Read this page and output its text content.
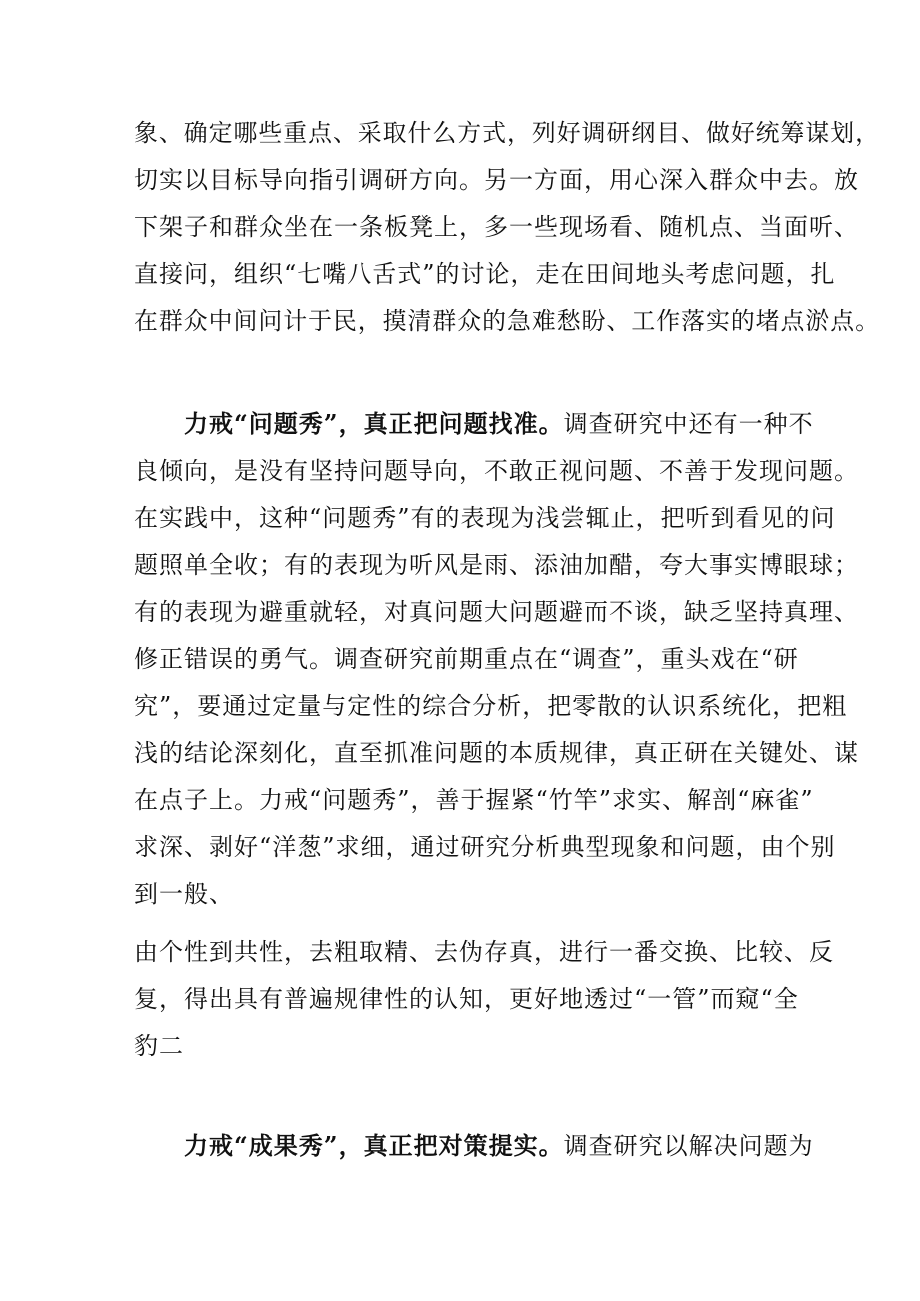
象、确定哪些重点、采取什么方式，列好调研纲目、做好统筹谋划，
切实以目标导向指引调研方向。另一方面，用心深入群众中去。放
下架子和群众坐在一条板凳上，多一些现场看、随机点、当面听、
直接问，组织“七嘴八舌式”的讨论，走在田间地头考虑问题，扎
在群众中间问计于民，摸清群众的急难愁盼、工作落实的堵点淤点。
力戒“问题秀”，真正把问题找准。调查研究中还有一种不
良倾向，是没有坚持问题导向，不敢正视问题、不善于发现问题。
在实践中，这种“问题秀”有的表现为浅尝辄止，把听到看见的问
题照单全收；有的表现为听风是雨、添油加醋，夸大事实博眼球；
有的表现为避重就轻，对真问题大问题避而不谈，缺乏坚持真理、
修正错误的勇气。调查研究前期重点在“调查”，重头戏在“研
究”，要通过定量与定性的综合分析，把零散的认识系统化，把粗
浅的结论深刻化，直至抓准问题的本质规律，真正研在关键处、谋
在点子上。力戒“问题秀”，善于握紧“竹竿”求实、解剖“麻雀”
求深、剥好“洋葱”求细，通过研究分析典型现象和问题，由个别
到一般、
由个性到共性，去粗取精、去伪存真，进行一番交换、比较、反
复，得出具有普遍规律性的认知，更好地透过“一管”而窥“全
豹二
力戒“成果秀”，真正把对策提实。调查研究以解决问题为
